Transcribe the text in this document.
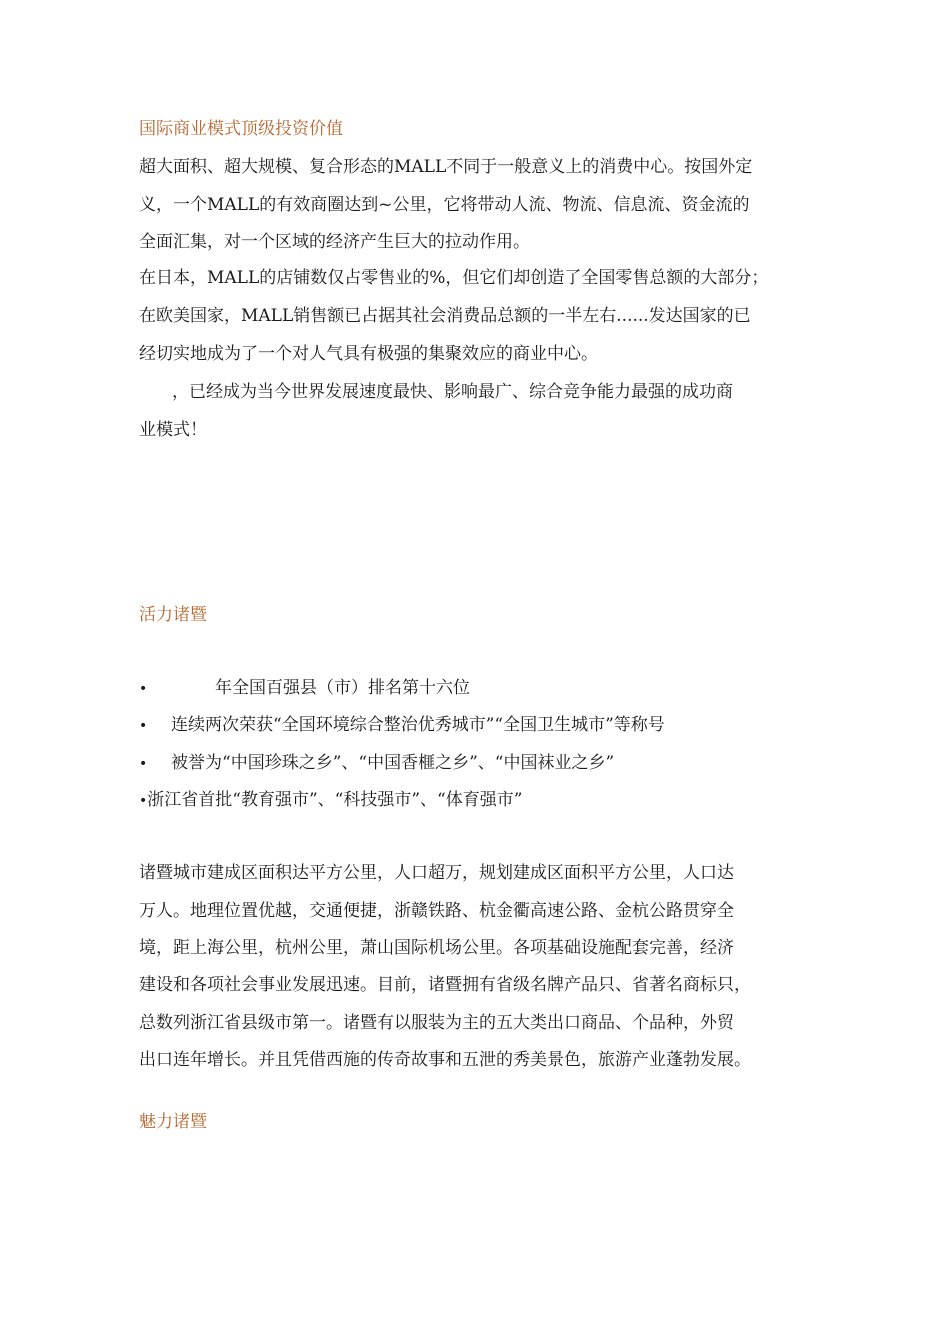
国际商业模式顶级投资价值

超大面积、超大规模、复合形态的MALL不同于一般意义上的消费中心。按国外定

义，一个MALL的有效商圈达到~公里，它将带动人流、物流、信息流、资金流的

全面汇集，对一个区域的经济产生巨大的拉动作用。

在日本，MALL的店铺数仅占零售业的%，但它们却创造了全国零售总额的大部分；

在欧美国家，MALL销售额已占据其社会消费品总额的一半左右......发达国家的已

经切实地成为了一个对人气具有极强的集聚效应的商业中心。

，已经成为当今世界发展速度最快、影响最广、综合竞争能力最强的成功商

业模式！

活力诸暨

•	年全国百强县（市）排名第十六位

• 连续两次荣获“全国环境综合整治优秀城市”“全国卫生城市”等称号

• 被誉为“中国珍珠之乡”、“中国香榧之乡”、“中国袜业之乡”

•浙江省首批“教育强市”、“科技强市”、“体育强市”

诸暨城市建成区面积达平方公里，人口超万，规划建成区面积平方公里，人口达

万人。地理位置优越，交通便捷，浙赣铁路、杭金衢高速公路、金杭公路贯穿全

境，距上海公里，杭州公里，萧山国际机场公里。各项基础设施配套完善，经济

建设和各项社会事业发展迅速。目前，诸暨拥有省级名牌产品只、省著名商标只，

总数列浙江省县级市第一。诸暨有以服装为主的五大类出口商品、个品种，外贸

出口连年增长。并且凭借西施的传奇故事和五泄的秀美景色，旅游产业蓬勃发展。

魅力诸暨
